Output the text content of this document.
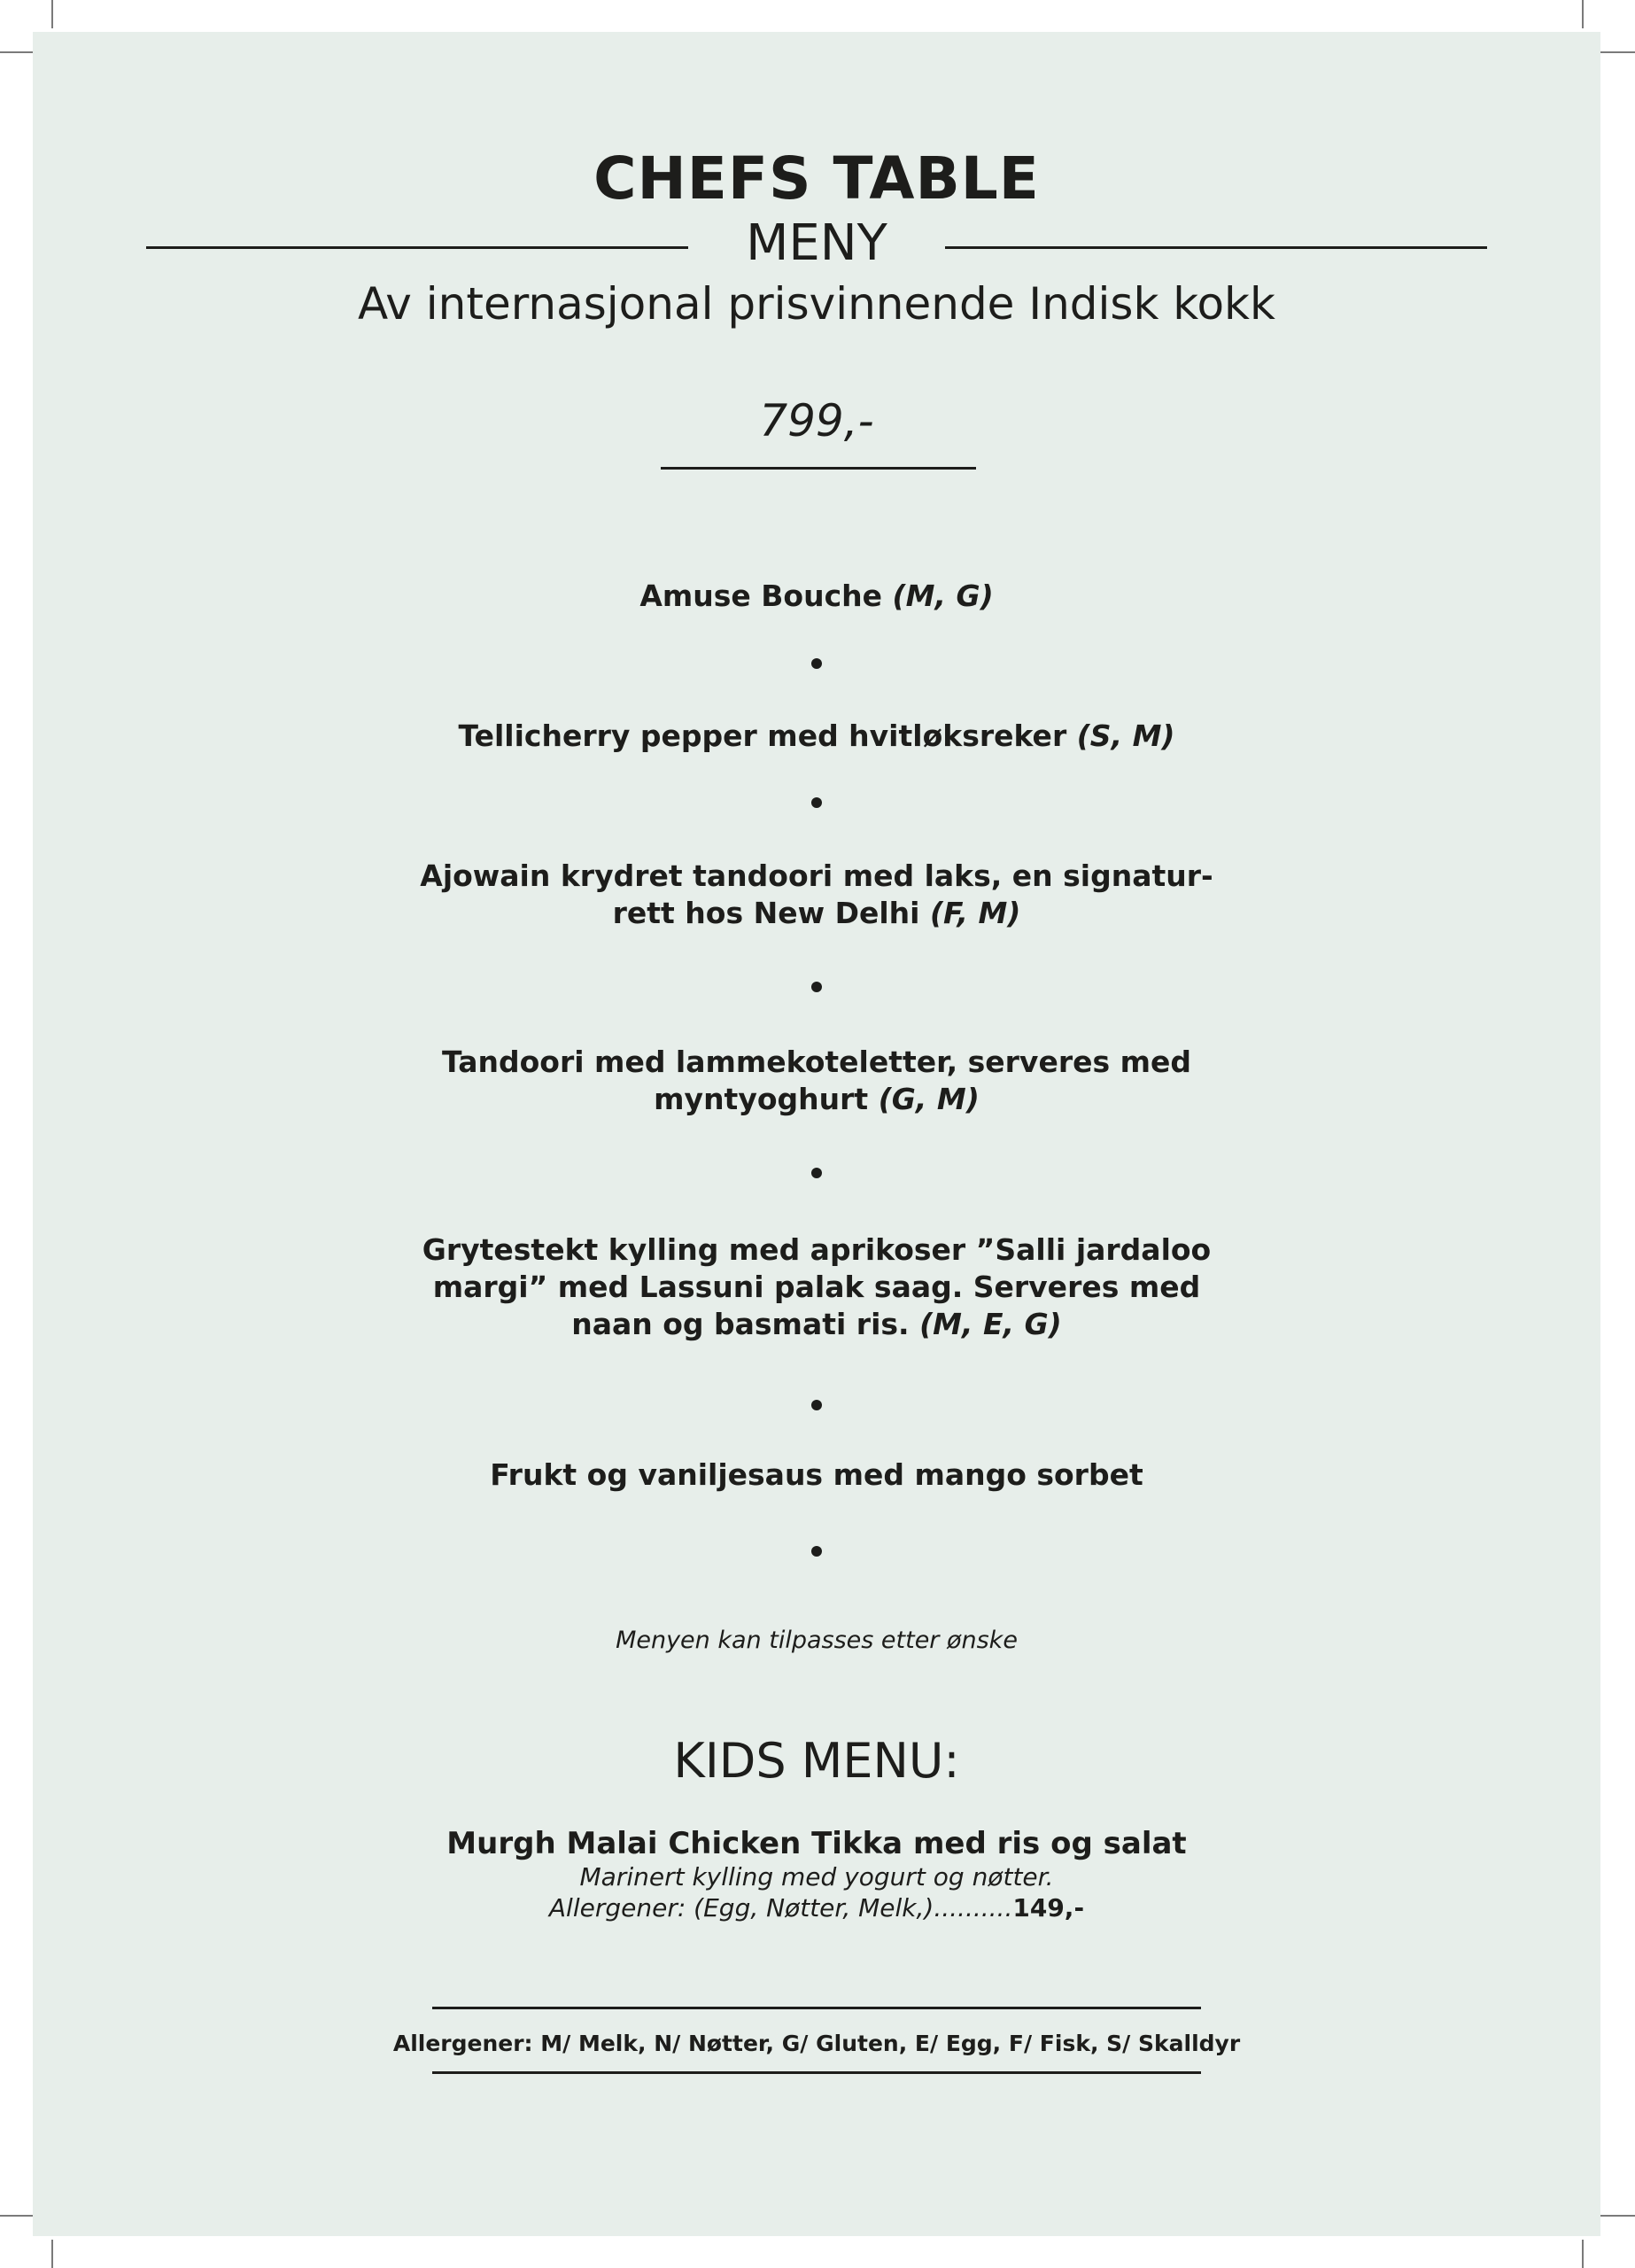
CHEFS TABLE
MENY
Av internasjonal prisvinnende Indisk kokk
799,-
Amuse Bouche (M, G)
Tellicherry pepper med hvitløksreker (S, M)
Ajowain krydret tandoori med laks, en signatur-
rett hos New Delhi (F, M)
Tandoori med lammekoteletter, serveres med
myntyoghurt (G, M)
Grytestekt kylling med aprikoser ”Salli jardaloo
margi” med Lassuni palak saag. Serveres med
naan og basmati ris. (M, E, G)
Frukt og vaniljesaus med mango sorbet
Menyen kan tilpasses etter ønske
KIDS MENU:
Murgh Malai Chicken Tikka med ris og salat
Marinert kylling med yogurt og nøtter.
Allergener: (Egg, Nøtter, Melk,)..........149,-
Allergener: M/ Melk, N/ Nøtter, G/ Gluten, E/ Egg, F/ Fisk, S/ Skalldyr
